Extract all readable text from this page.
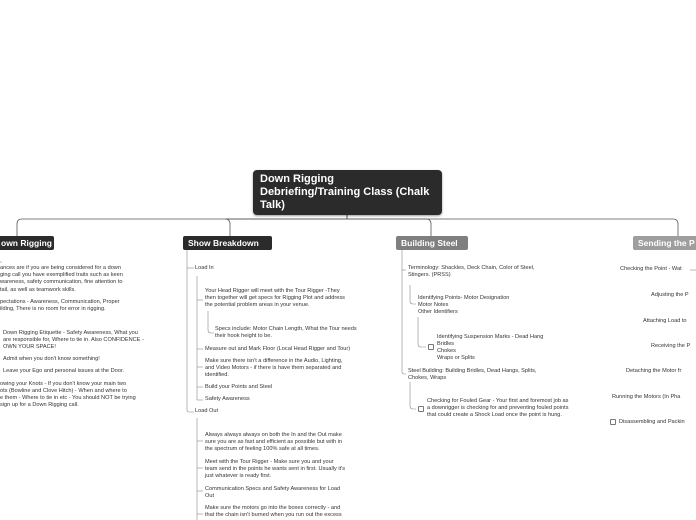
Down Rigging Debriefing/Training Class (Chalk Talk)
own Rigging	Show Breakdown	Building Steel	Sending the P
ances are if you are being considered for a down
ging call you have exemplified traits such as keen
wareness, safety communication, fine attention to
tail, as well as teamwork skills.
pectations - Awareness, Communication, Proper
ilding, There is no room for error in rigging.
Down Rigging Etiquette - Safety Awareness, What you
are responsible for, Where to tie in. Also CONFIDENCE -
OWN YOUR SPACE!
Admit when you don't know something!
Leave your Ego and personal issues at the Door.
owing your Knots - If you don't know your main two
ots (Bowline and Clove Hitch) - When and where to
e them - Where to tie in etc - You should NOT be trying
sign up for a Down Rigging call.
Load In
Your Head Rigger will meet with the Tour Rigger -They
then together will get specs for Rigging Plot and address
the potential problem areas in your venue.
Specs include: Motor Chain Length, What the Tour needs
their hook height to be.
Measure out and Mark Floor (Local Head Rigger and Tour)
Make sure there isn't a difference in the Audio, Lighting,
and Video Motors - if there is have them separated and
identified.
Build your Points and Steel
Safety Awareness
Load Out
Always always always on both the In and the Out make
sure you are as fast and efficient as possible but with in
the spectrum of feeling 100% safe at all times.
Meet with the Tour Rigger - Make sure you and your
team send in the points he wants sent in first. Usually it's
just whatever is ready first.
Communication Specs and Safety Awareness for Load
Out
Make sure the motors go into the boxes correctly - and
that the chain isn't burned when you run out the excess
Terminology: Shackles, Deck Chain, Color of Steel,
Stingers. (PRSS)
Identifying Points- Motor Designation
Motor Notes
Other Identifiers
Identifying Suspension Marks - Dead Hang
Bridles
Chokes
Wraps or Splits
Steel Building: Building Bridles, Dead Hangs, Splits,
Chokes, Wraps
Checking for Fouled Gear - Your first and foremost job as
a downrigger is checking for and preventing fouled points
that could create a Shock Load once the point is hung.
Checking the Point - Wat
Adjusting the P
Attaching Load to
Receiving the P
Detaching the Motor fr
Running the Motors (In Pha
Disassembling and Packin
